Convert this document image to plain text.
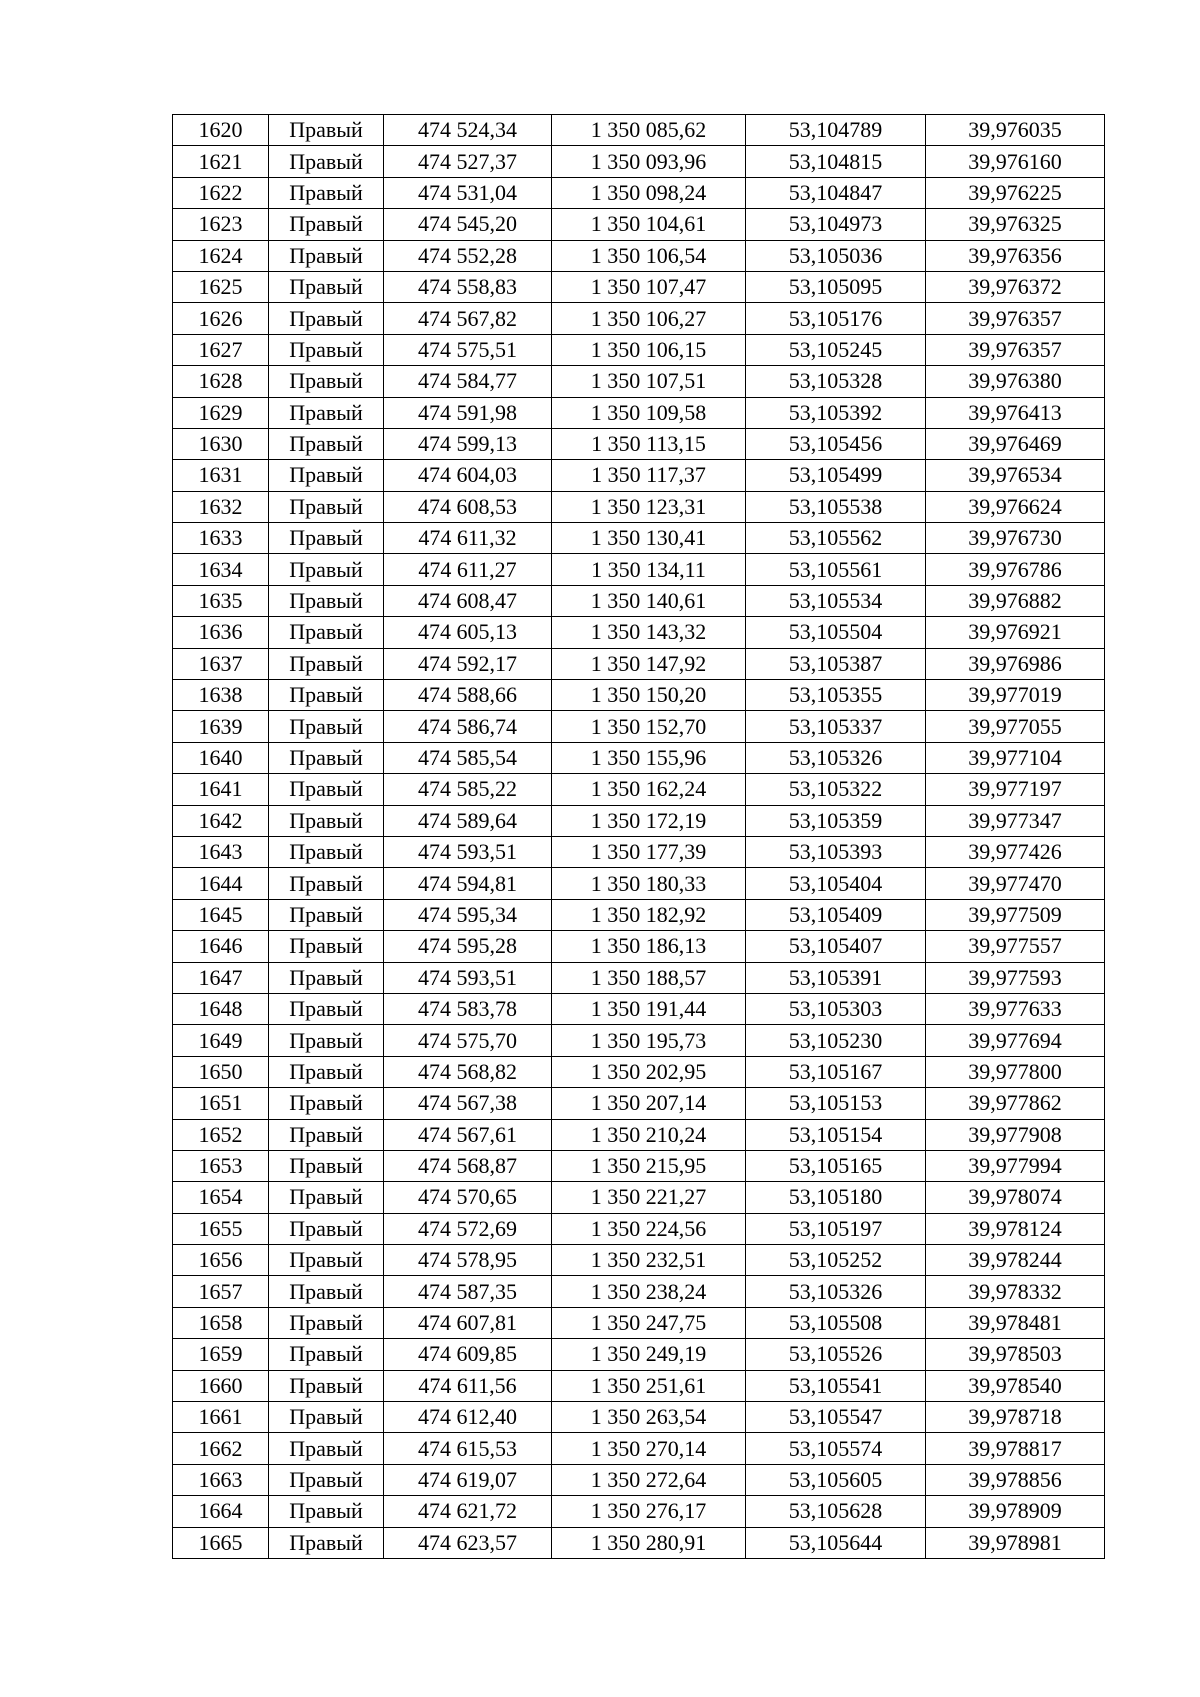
1620	Правый	474 524,34	1 350 085,62	53,104789	39,976035
1621	Правый	474 527,37	1 350 093,96	53,104815	39,976160
1622	Правый	474 531,04	1 350 098,24	53,104847	39,976225
1623	Правый	474 545,20	1 350 104,61	53,104973	39,976325
1624	Правый	474 552,28	1 350 106,54	53,105036	39,976356
1625	Правый	474 558,83	1 350 107,47	53,105095	39,976372
1626	Правый	474 567,82	1 350 106,27	53,105176	39,976357
1627	Правый	474 575,51	1 350 106,15	53,105245	39,976357
1628	Правый	474 584,77	1 350 107,51	53,105328	39,976380
1629	Правый	474 591,98	1 350 109,58	53,105392	39,976413
1630	Правый	474 599,13	1 350 113,15	53,105456	39,976469
1631	Правый	474 604,03	1 350 117,37	53,105499	39,976534
1632	Правый	474 608,53	1 350 123,31	53,105538	39,976624
1633	Правый	474 611,32	1 350 130,41	53,105562	39,976730
1634	Правый	474 611,27	1 350 134,11	53,105561	39,976786
1635	Правый	474 608,47	1 350 140,61	53,105534	39,976882
1636	Правый	474 605,13	1 350 143,32	53,105504	39,976921
1637	Правый	474 592,17	1 350 147,92	53,105387	39,976986
1638	Правый	474 588,66	1 350 150,20	53,105355	39,977019
1639	Правый	474 586,74	1 350 152,70	53,105337	39,977055
1640	Правый	474 585,54	1 350 155,96	53,105326	39,977104
1641	Правый	474 585,22	1 350 162,24	53,105322	39,977197
1642	Правый	474 589,64	1 350 172,19	53,105359	39,977347
1643	Правый	474 593,51	1 350 177,39	53,105393	39,977426
1644	Правый	474 594,81	1 350 180,33	53,105404	39,977470
1645	Правый	474 595,34	1 350 182,92	53,105409	39,977509
1646	Правый	474 595,28	1 350 186,13	53,105407	39,977557
1647	Правый	474 593,51	1 350 188,57	53,105391	39,977593
1648	Правый	474 583,78	1 350 191,44	53,105303	39,977633
1649	Правый	474 575,70	1 350 195,73	53,105230	39,977694
1650	Правый	474 568,82	1 350 202,95	53,105167	39,977800
1651	Правый	474 567,38	1 350 207,14	53,105153	39,977862
1652	Правый	474 567,61	1 350 210,24	53,105154	39,977908
1653	Правый	474 568,87	1 350 215,95	53,105165	39,977994
1654	Правый	474 570,65	1 350 221,27	53,105180	39,978074
1655	Правый	474 572,69	1 350 224,56	53,105197	39,978124
1656	Правый	474 578,95	1 350 232,51	53,105252	39,978244
1657	Правый	474 587,35	1 350 238,24	53,105326	39,978332
1658	Правый	474 607,81	1 350 247,75	53,105508	39,978481
1659	Правый	474 609,85	1 350 249,19	53,105526	39,978503
1660	Правый	474 611,56	1 350 251,61	53,105541	39,978540
1661	Правый	474 612,40	1 350 263,54	53,105547	39,978718
1662	Правый	474 615,53	1 350 270,14	53,105574	39,978817
1663	Правый	474 619,07	1 350 272,64	53,105605	39,978856
1664	Правый	474 621,72	1 350 276,17	53,105628	39,978909
1665	Правый	474 623,57	1 350 280,91	53,105644	39,978981
